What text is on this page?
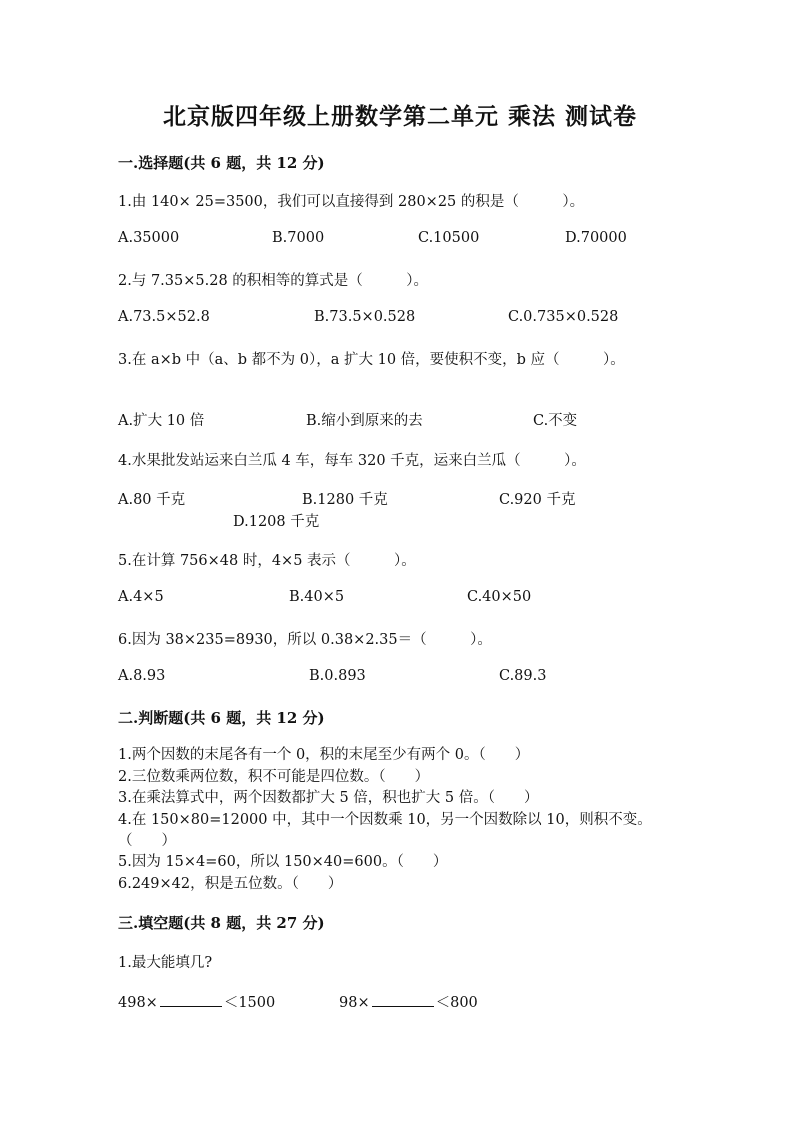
北京版四年级上册数学第二单元 乘法 测试卷
一.选择题(共 6 题，共 12 分)
1.由 140× 25=3500，我们可以直接得到 280×25 的积是（　　　）。
A.35000	B.7000	C.10500	D.70000
2.与 7.35×5.28 的积相等的算式是（　　　）。
A.73.5×52.8	B.73.5×0.528	C.0.735×0.528
3.在 a×b 中（a、b 都不为 0），a 扩大 10 倍，要使积不变，b 应（　　　）。
A.扩大 10 倍	B.缩小到原来的去	C.不变
4.水果批发站运来白兰瓜 4 车，每车 320 千克，运来白兰瓜（　　　）。
A.80 千克	B.1280 千克	C.920 千克
D.1208 千克
5.在计算 756×48 时，4×5 表示（　　　）。
A.4×5	B.40×5	C.40×50
6.因为 38×235=8930，所以 0.38×2.35＝（　　　）。
A.8.93	B.0.893	C.89.3
二.判断题(共 6 题，共 12 分)
1.两个因数的末尾各有一个 0，积的末尾至少有两个 0。（　　）
2.三位数乘两位数，积不可能是四位数。（　　）
3.在乘法算式中，两个因数都扩大 5 倍，积也扩大 5 倍。（　　）
4.在 150×80=12000 中，其中一个因数乘 10，另一个因数除以 10，则积不变。
（　　）
5.因为 15×4=60，所以 150×40=600。（　　）
6.249×42，积是五位数。（　　）
三.填空题(共 8 题，共 27 分)
1.最大能填几?
498×	＜1500	98×	＜800
